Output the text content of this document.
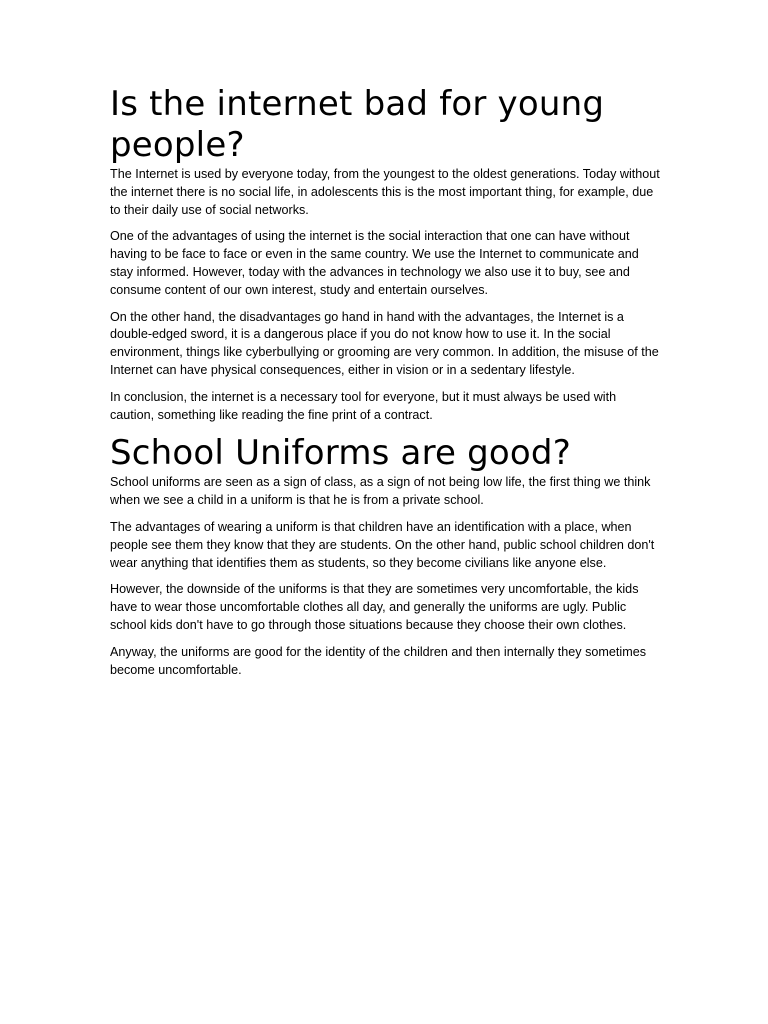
Is the internet bad for young people?

The Internet is used by everyone today, from the youngest to the oldest generations. Today without the internet there is no social life, in adolescents this is the most important thing, for example, due to their daily use of social networks.

One of the advantages of using the internet is the social interaction that one can have without having to be face to face or even in the same country. We use the Internet to communicate and stay informed. However, today with the advances in technology we also use it to buy, see and consume content of our own interest, study and entertain ourselves.

On the other hand, the disadvantages go hand in hand with the advantages, the Internet is a double-edged sword, it is a dangerous place if you do not know how to use it. In the social environment, things like cyberbullying or grooming are very common. In addition, the misuse of the Internet can have physical consequences, either in vision or in a sedentary lifestyle.

In conclusion, the internet is a necessary tool for everyone, but it must always be used with caution, something like reading the fine print of a contract.

School Uniforms are good?

School uniforms are seen as a sign of class, as a sign of not being low life, the first thing we think when we see a child in a uniform is that he is from a private school.

The advantages of wearing a uniform is that children have an identification with a place, when people see them they know that they are students. On the other hand, public school children don't wear anything that identifies them as students, so they become civilians like anyone else.

However, the downside of the uniforms is that they are sometimes very uncomfortable, the kids have to wear those uncomfortable clothes all day, and generally the uniforms are ugly. Public school kids don't have to go through those situations because they choose their own clothes.

Anyway, the uniforms are good for the identity of the children and then internally they sometimes become uncomfortable.
